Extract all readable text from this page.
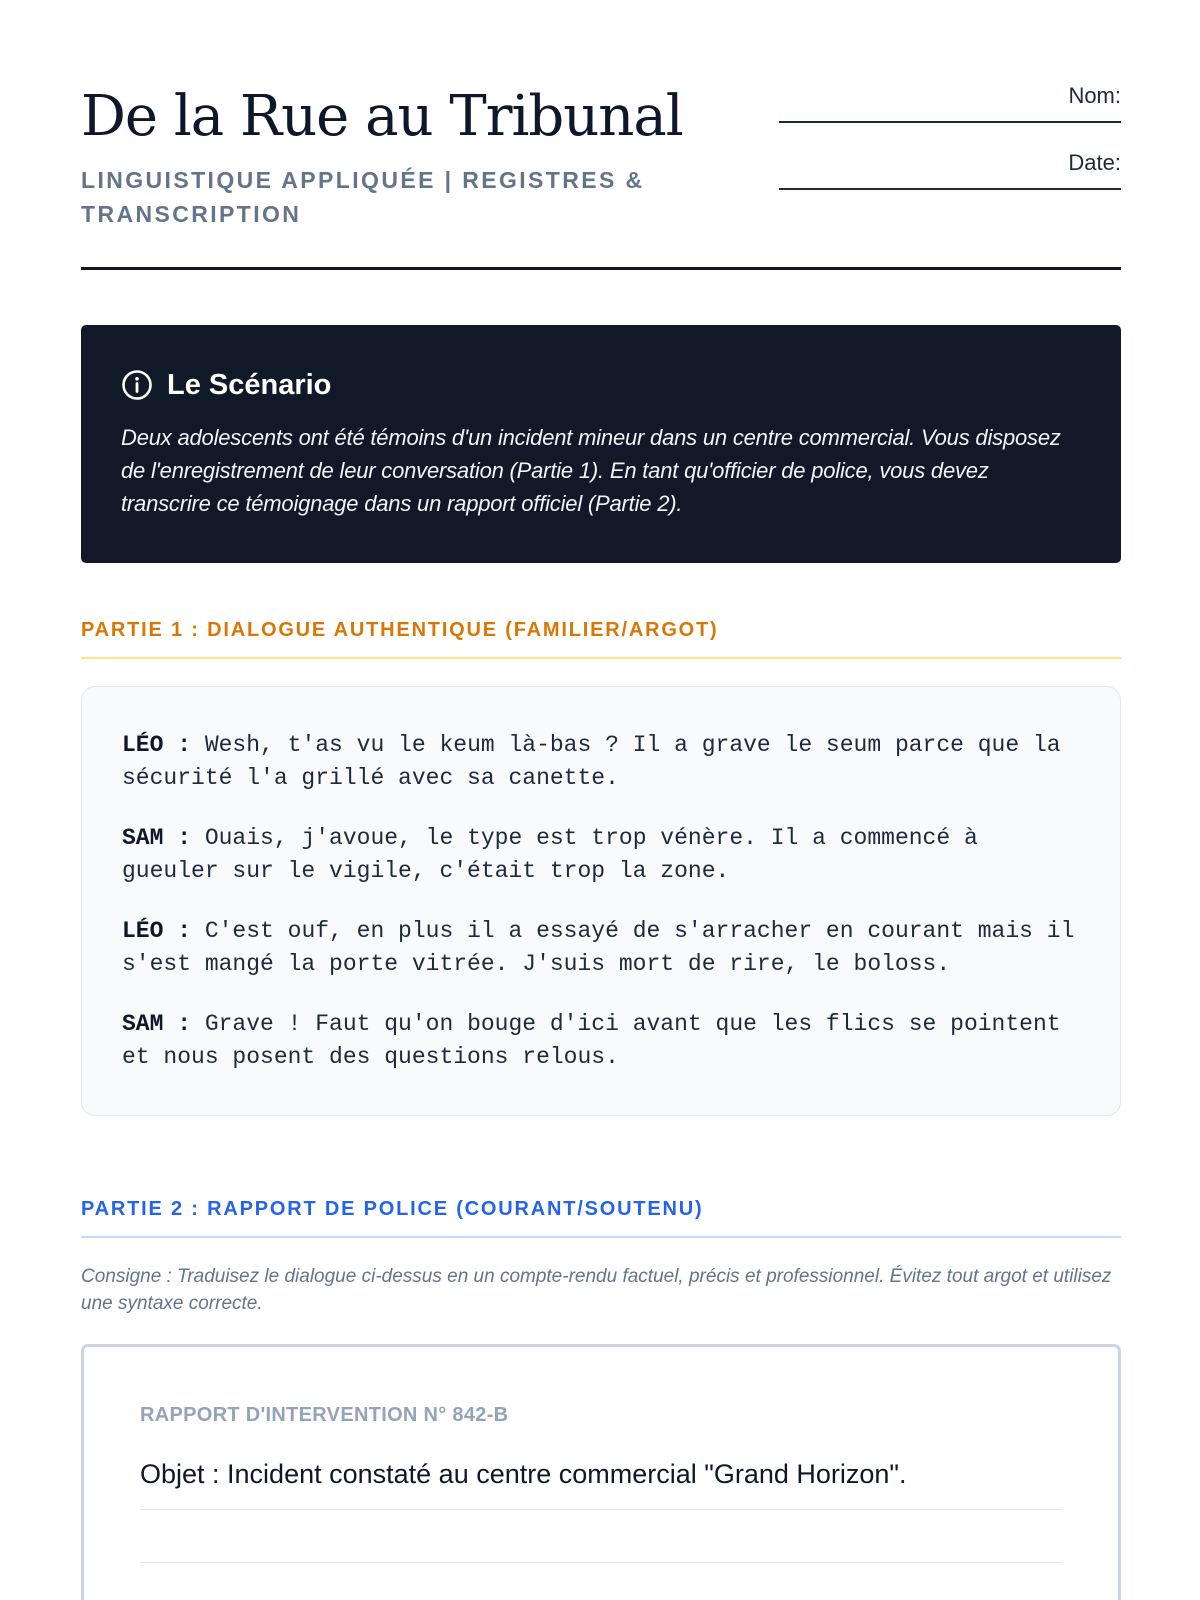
De la Rue au Tribunal
LINGUISTIQUE APPLIQUÉE | REGISTRES & TRANSCRIPTION
Nom:
Date:
Le Scénario

Deux adolescents ont été témoins d'un incident mineur dans un centre commercial. Vous disposez de l'enregistrement de leur conversation (Partie 1). En tant qu'officier de police, vous devez transcrire ce témoignage dans un rapport officiel (Partie 2).

PARTIE 1 : DIALOGUE AUTHENTIQUE (FAMILIER/ARGOT)

LÉO : Wesh, t'as vu le keum là-bas ? Il a grave le seum parce que la sécurité l'a grillé avec sa canette.

SAM : Ouais, j'avoue, le type est trop vénère. Il a commencé à gueuler sur le vigile, c'était trop la zone.

LÉO : C'est ouf, en plus il a essayé de s'arracher en courant mais il s'est mangé la porte vitrée. J'suis mort de rire, le boloss.

SAM : Grave ! Faut qu'on bouge d'ici avant que les flics se pointent et nous posent des questions relous.

PARTIE 2 : RAPPORT DE POLICE (COURANT/SOUTENU)

Consigne : Traduisez le dialogue ci-dessus en un compte-rendu factuel, précis et professionnel. Évitez tout argot et utilisez une syntaxe correcte.

RAPPORT D'INTERVENTION N° 842-B
Objet : Incident constaté au centre commercial "Grand Horizon".
